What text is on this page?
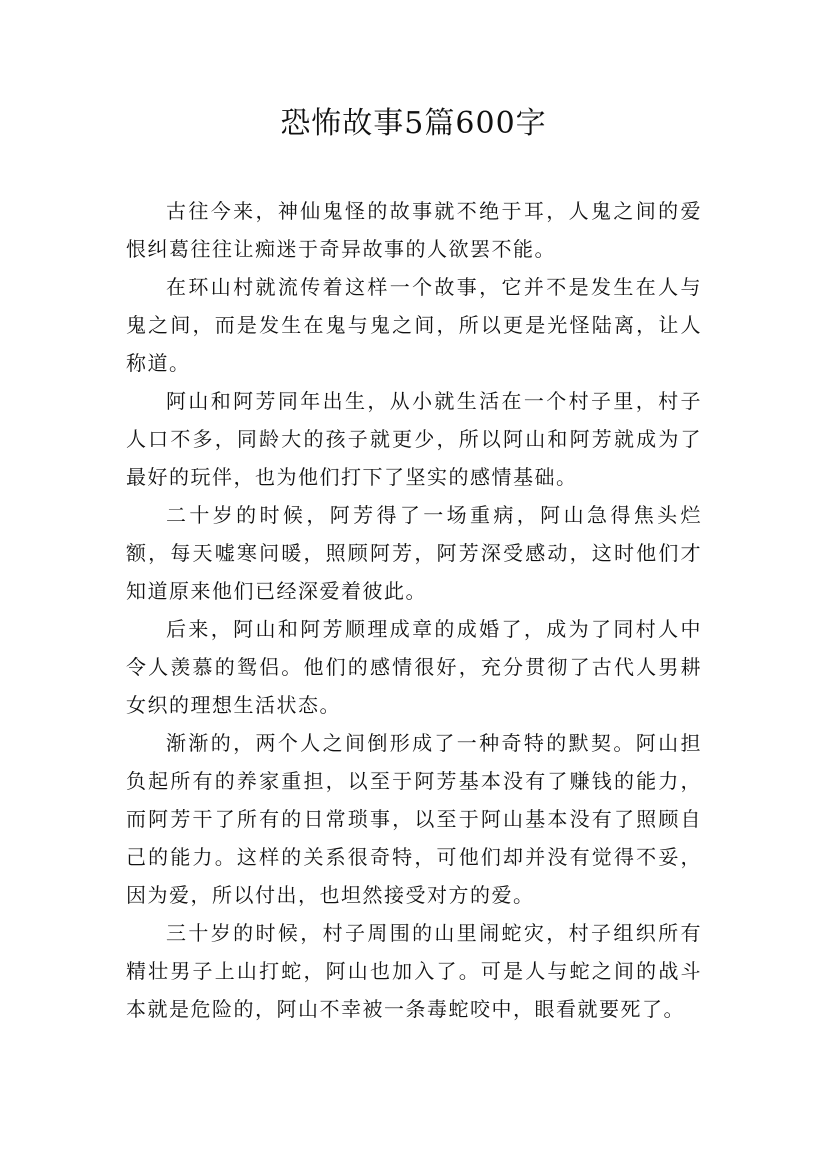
恐怖故事5篇600字

古往今来，神仙鬼怪的故事就不绝于耳，人鬼之间的爱恨纠葛往往让痴迷于奇异故事的人欲罢不能。

在环山村就流传着这样一个故事，它并不是发生在人与鬼之间，而是发生在鬼与鬼之间，所以更是光怪陆离，让人称道。

阿山和阿芳同年出生，从小就生活在一个村子里，村子人口不多，同龄大的孩子就更少，所以阿山和阿芳就成为了最好的玩伴，也为他们打下了坚实的感情基础。

二十岁的时候，阿芳得了一场重病，阿山急得焦头烂额，每天嘘寒问暖，照顾阿芳，阿芳深受感动，这时他们才知道原来他们已经深爱着彼此。

后来，阿山和阿芳顺理成章的成婚了，成为了同村人中令人羡慕的鸳侣。他们的感情很好，充分贯彻了古代人男耕女织的理想生活状态。

渐渐的，两个人之间倒形成了一种奇特的默契。阿山担负起所有的养家重担，以至于阿芳基本没有了赚钱的能力，而阿芳干了所有的日常琐事，以至于阿山基本没有了照顾自己的能力。这样的关系很奇特，可他们却并没有觉得不妥，因为爱，所以付出，也坦然接受对方的爱。

三十岁的时候，村子周围的山里闹蛇灾，村子组织所有精壮男子上山打蛇，阿山也加入了。可是人与蛇之间的战斗本就是危险的，阿山不幸被一条毒蛇咬中，眼看就要死了。
